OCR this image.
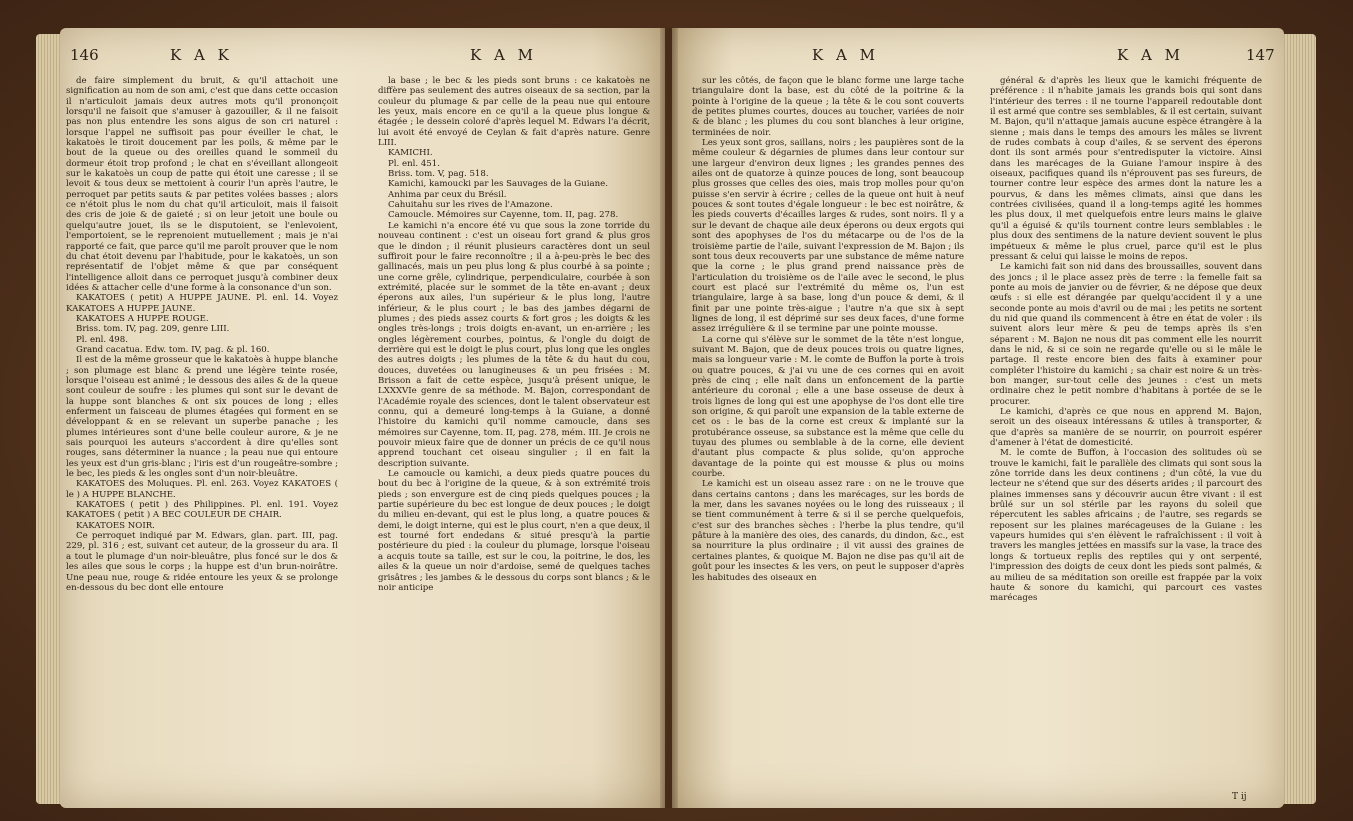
146	K A K	K A M

de faire simplement du bruit, & qu'il attachoit une signification au nom de son ami, c'est que dans cette occasion il n'articuloit jamais deux autres mots qu'il prononçoit lorsqu'il ne faisoit que s'amuser à gazouiller, & il ne faisoit pas non plus entendre les sons aigus de son cri naturel : lorsque l'appel ne suffisoit pas pour éveiller le chat, le kakatoès le tiroit doucement par les poils, & même par le bout de la queue ou des oreilles quand le sommeil du dormeur étoit trop profond ; le chat en s'éveillant allongeoit sur le kakatoès un coup de patte qui étoit une caresse ; il se levoit & tous deux se mettoient à courir l'un après l'autre, le perroquet par petits sauts & par petites volées basses ; alors ce n'étoit plus le nom du chat qu'il articuloit, mais il faisoit des cris de joie & de gaieté ; si on leur jetoit une boule ou quelqu'autre jouet, ils se le disputoient, se l'enlevoient, l'emportoient, se le reprenoient mutuellement ; mais je n'ai rapporté ce fait, que parce qu'il me paroît prouver que le nom du chat étoit devenu par l'habitude, pour le kakatoès, un son représentatif de l'objet même & que par conséquent l'intelligence alloit dans ce perroquet jusqu'à combiner deux idées & attacher celle d'une forme à la consonance d'un son.

KAKATOES ( petit) A HUPPE JAUNE. Pl. enl. 14. Voyez KAKATOES A HUPPE JAUNE.

KAKATOES A HUPPE ROUGE.

Briss. tom. IV, pag. 209, genre LIII.

Pl. enl. 498.

Grand cacatua. Edw. tom. IV, pag. & pl. 160.

Il est de la même grosseur que le kakatoès à huppe blanche ; son plumage est blanc & prend une légère teinte rosée, lorsque l'oiseau est animé ; le dessous des ailes & de la queue sont couleur de soufre : les plumes qui sont sur le devant de la huppe sont blanches & ont six pouces de long ; elles enferment un faisceau de plumes étagées qui forment en se développant & en se relevant un superbe panache ; les plumes intérieures sont d'une belle couleur aurore, & je ne sais pourquoi les auteurs s'accordent à dire qu'elles sont rouges, sans déterminer la nuance ; la peau nue qui entoure les yeux est d'un gris-blanc ; l'iris est d'un rougeâtre-sombre ; le bec, les pieds & les ongles sont d'un noir-bleuâtre.

KAKATOES des Moluques. Pl. enl. 263. Voyez KAKATOES ( le ) A HUPPE BLANCHE.

KAKATOES ( petit ) des Philippines. Pl. enl. 191. Voyez KAKATOES ( petit ) A BEC COULEUR DE CHAIR.

KAKATOES NOIR.

Ce perroquet indiqué par M. Edwars, glan. part. III, pag. 229, pl. 316 ; est, suivant cet auteur, de la grosseur du ara. Il a tout le plumage d'un noir-bleuâtre, plus foncé sur le dos & les ailes que sous le corps ; la huppe est d'un brun-noirâtre. Une peau nue, rouge & ridée entoure les yeux & se prolonge en-dessous du bec dont elle entoure

la base ; le bec & les pieds sont bruns : ce kakatoès ne diffère pas seulement des autres oiseaux de sa section, par la couleur du plumage & par celle de la peau nue qui entoure les yeux, mais encore en ce qu'il a la queue plus longue & étagée ; le dessein coloré d'après lequel M. Edwars l'a décrit, lui avoit été envoyé de Ceylan & fait d'après nature. Genre LIII.

KAMICHI.

Pl. enl. 451.

Briss. tom. V, pag. 518.

Kamichi, kamoucki par les Sauvages de la Guiane.

Anhima par ceux du Brésil.

Cahuitahu sur les rives de l'Amazone.

Camoucle. Mémoires sur Cayenne, tom. II, pag. 278.

Le kamichi n'a encore été vu que sous la zone torride du nouveau continent : c'est un oiseau fort grand & plus gros que le dindon ; il réunit plusieurs caractères dont un seul suffiroit pour le faire reconnoître ; il a à-peu-près le bec des gallinacés, mais un peu plus long & plus courbé à sa pointe ; une corne grêle, cylindrique, perpendiculaire, courbée à son extrémité, placée sur le sommet de la tête en-avant ; deux éperons aux ailes, l'un supérieur & le plus long, l'autre inférieur, & le plus court ; le bas des jambes dégarni de plumes ; des pieds assez courts & fort gros ; les doigts & les ongles très-longs ; trois doigts en-avant, un en-arrière ; les ongles légèrement courbes, pointus, & l'ongle du doigt de derrière qui est le doigt le plus court, plus long que les ongles des autres doigts ; les plumes de la tête & du haut du cou, douces, duvetées ou lanugineuses & un peu frisées : M. Brisson a fait de cette espèce, jusqu'à présent unique, le LXXXVIe genre de sa méthode. M. Bajon, correspondant de l'Académie royale des sciences, dont le talent observateur est connu, qui a demeuré long-temps à la Guiane, a donné l'histoire du kamichi qu'il nomme camoucle, dans ses mémoires sur Cayenne, tom. II, pag. 278, mém. III. Je crois ne pouvoir mieux faire que de donner un précis de ce qu'il nous apprend touchant cet oiseau singulier ; il en fait la description suivante.

Le camoucle ou kamichi, a deux pieds quatre pouces du bout du bec à l'origine de la queue, & à son extrémité trois pieds ; son envergure est de cinq pieds quelques pouces ; la partie supérieure du bec est longue de deux pouces ; le doigt du milieu en-devant, qui est le plus long, a quatre pouces & demi, le doigt interne, qui est le plus court, n'en a que deux, il est tourné fort endedans & situé presqu'à la partie postérieure du pied : la couleur du plumage, lorsque l'oiseau a acquis toute sa taille, est sur le cou, la poitrine, le dos, les ailes & la queue un noir d'ardoise, semé de quelques taches grisâtres ; les jambes & le dessous du corps sont blancs ; & le noir anticipe

K A M	K A M	147

sur les côtés, de façon que le blanc forme une large tache triangulaire dont la base, est du côté de la poitrine & la pointe à l'origine de la queue ; la tête & le cou sont couverts de petites plumes courtes, douces au toucher, variées de noir & de blanc ; les plumes du cou sont blanches à leur origine, terminées de noir.

Les yeux sont gros, saillans, noirs ; les paupières sont de la même couleur & dégarnies de plumes dans leur contour sur une largeur d'environ deux lignes ; les grandes pennes des ailes ont de quatorze à quinze pouces de long, sont beaucoup plus grosses que celles des oies, mais trop molles pour qu'on puisse s'en servir à écrire ; celles de la queue ont huit à neuf pouces & sont toutes d'égale longueur : le bec est noirâtre, & les pieds couverts d'écailles larges & rudes, sont noirs. Il y a sur le devant de chaque aile deux éperons ou deux ergots qui sont des apophyses de l'os du métacarpe ou de l'os de la troisième partie de l'aile, suivant l'expression de M. Bajon ; ils sont tous deux recouverts par une substance de même nature que la corne ; le plus grand prend naissance près de l'articulation du troisième os de l'aile avec le second, le plus court est placé sur l'extrémité du même os, l'un est triangulaire, large à sa base, long d'un pouce & demi, & il finit par une pointe très-aigue ; l'autre n'a que six à sept lignes de long, il est déprimé sur ses deux faces, d'une forme assez irrégulière & il se termine par une pointe mousse.

La corne qui s'élève sur le sommet de la tête n'est longue, suivant M. Bajon, que de deux pouces trois ou quatre lignes, mais sa longueur varie : M. le comte de Buffon la porte à trois ou quatre pouces, & j'ai vu une de ces cornes qui en avoit près de cinq ; elle naît dans un enfoncement de la partie antérieure du coronal ; elle a une base osseuse de deux à trois lignes de long qui est une apophyse de l'os dont elle tire son origine, & qui paroît une expansion de la table externe de cet os : le bas de la corne est creux & implanté sur la protubérance osseuse, sa substance est la même que celle du tuyau des plumes ou semblable à de la corne, elle devient d'autant plus compacte & plus solide, qu'on approche davantage de la pointe qui est mousse & plus ou moins courbe.

Le kamichi est un oiseau assez rare : on ne le trouve que dans certains cantons ; dans les marécages, sur les bords de la mer, dans les savanes noyées ou le long des ruisseaux ; il se tient communément à terre & si il se perche quelquefois, c'est sur des branches sèches : l'herbe la plus tendre, qu'il pâture à la manière des oies, des canards, du dindon, &c., est sa nourriture la plus ordinaire ; il vit aussi des graines de certaines plantes, & quoique M. Bajon ne dise pas qu'il ait de goût pour les insectes & les vers, on peut le supposer d'après les habitudes des oiseaux en

général & d'après les lieux que le kamichi fréquente de préférence : il n'habite jamais les grands bois qui sont dans l'intérieur des terres : il ne tourne l'appareil redoutable dont il est armé que contre ses semblables, & il est certain, suivant M. Bajon, qu'il n'attaque jamais aucune espèce étrangère à la sienne ; mais dans le temps des amours les mâles se livrent de rudes combats à coup d'ailes, & se servent des éperons dont ils sont armés pour s'entredisputer la victoire. Ainsi dans les marécages de la Guiane l'amour inspire à des oiseaux, pacifiques quand ils n'éprouvent pas ses fureurs, de tourner contre leur espèce des armes dont la nature les a pourvus, & dans les mêmes climats, ainsi que dans les contrées civilisées, quand il a long-temps agité les hommes les plus doux, il met quelquefois entre leurs mains le glaive qu'il a éguisé & qu'ils tournent contre leurs semblables : le plus doux des sentimens de la nature devient souvent le plus impétueux & même le plus cruel, parce qu'il est le plus pressant & celui qui laisse le moins de repos.

Le kamichi fait son nid dans des broussailles, souvent dans des joncs ; il le place assez près de terre : la femelle fait sa ponte au mois de janvier ou de février, & ne dépose que deux œufs : si elle est dérangée par quelqu'accident il y a une seconde ponte au mois d'avril ou de mai ; les petits ne sortent du nid que quand ils commencent à être en état de voler : ils suivent alors leur mère & peu de temps après ils s'en séparent : M. Bajon ne nous dit pas comment elle les nourrit dans le nid, & si ce soin ne regarde qu'elle ou si le mâle le partage. Il reste encore bien des faits à examiner pour compléter l'histoire du kamichi ; sa chair est noire & un très-bon manger, sur-tout celle des jeunes : c'est un mets ordinaire chez le petit nombre d'habitans à portée de se le procurer.

Le kamichi, d'après ce que nous en apprend M. Bajon, seroit un des oiseaux intéressans & utiles à transporter, & que d'après sa manière de se nourrir, on pourroit espérer d'amener à l'état de domesticité.

M. le comte de Buffon, à l'occasion des solitudes où se trouve le kamichi, fait le parallèle des climats qui sont sous la zône torride dans les deux continens ; d'un côté, la vue du lecteur ne s'étend que sur des déserts arides ; il parcourt des plaines immenses sans y découvrir aucun être vivant : il est brûlé sur un sol stérile par les rayons du soleil que répercutent les sables africains ; de l'autre, ses regards se reposent sur les plaines marécageuses de la Guiane : les vapeurs humides qui s'en élèvent le rafraîchissent : il voit à travers les mangles jettées en massifs sur la vase, la trace des longs & tortueux replis des reptiles qui y ont serpenté, l'impression des doigts de ceux dont les pieds sont palmés, & au milieu de sa méditation son oreille est frappée par la voix haute & sonore du kamichi, qui parcourt ces vastes marécages

T ij
